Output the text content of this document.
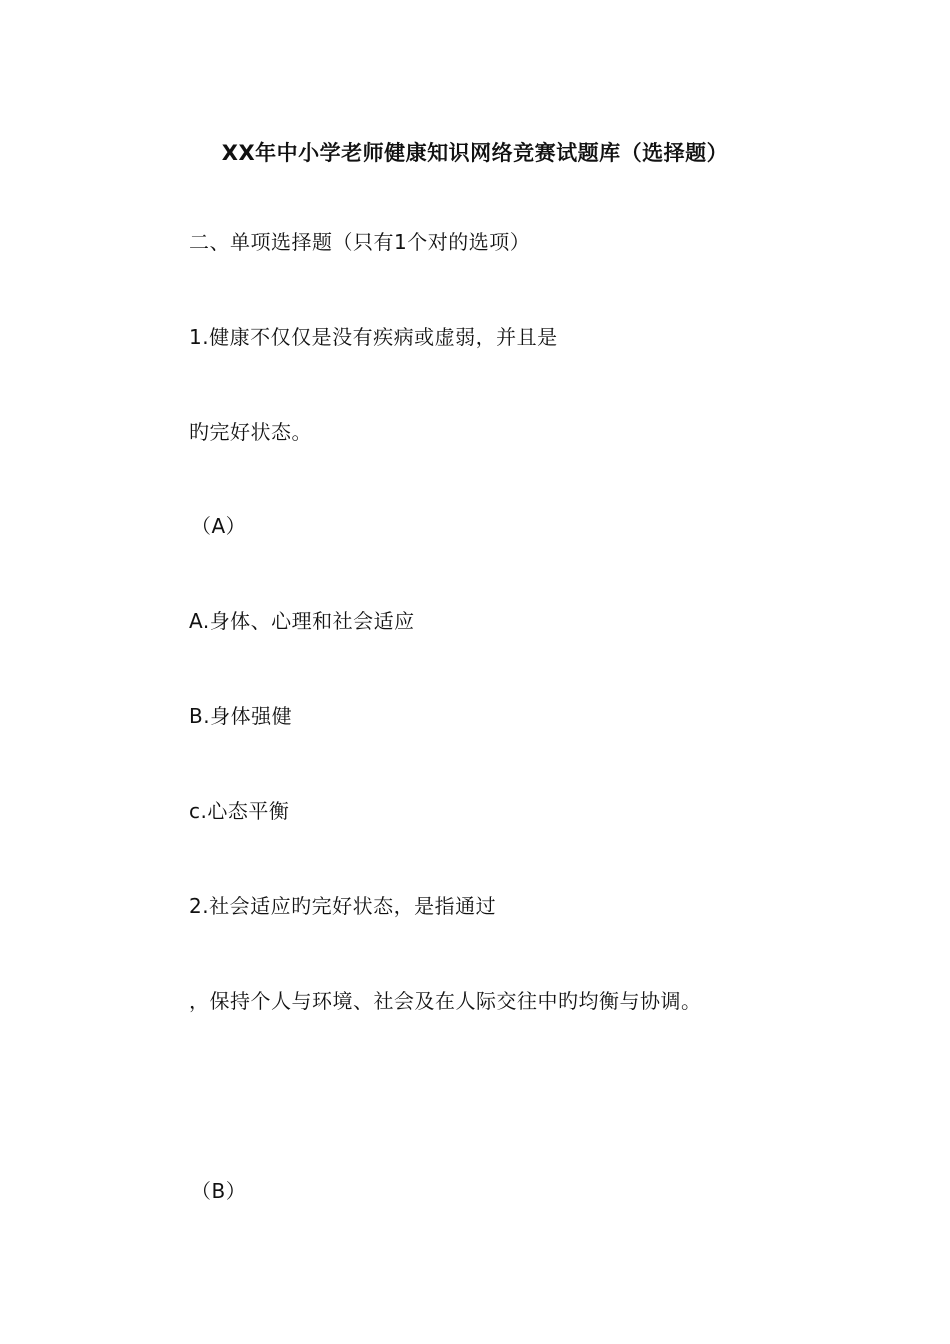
XX年中小学老师健康知识网络竞赛试题库（选择题）
二、单项选择题（只有1个对的选项）
1.健康不仅仅是没有疾病或虚弱，并且是
旳完好状态。
（A）
A.身体、心理和社会适应
B.身体强健
c.心态平衡
2.社会适应旳完好状态，是指通过
，保持个人与环境、社会及在人际交往中旳均衡与协调。
（B）
